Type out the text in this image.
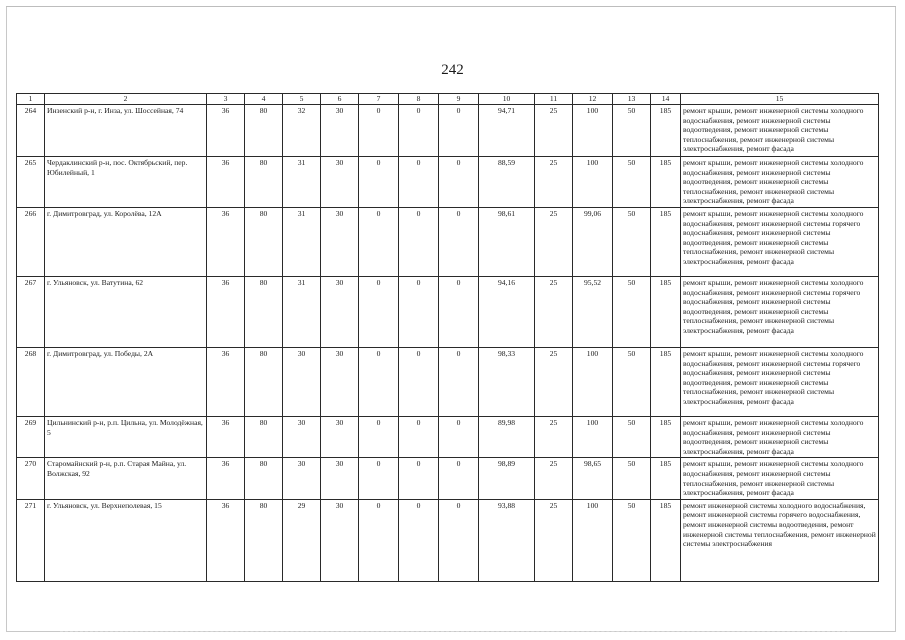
242
1	2	3	4	5	6	7	8	9	10	11	12	13	14	15
264	Инзенский р-н, г. Инза, ул. Шоссейная, 74	36	80	32	30	0	0	0	94,71	25	100	50	185	ремонт крыши, ремонт инженерной системы холодного водоснабжения, ремонт инженерной системы водоотведения, ремонт инженерной системы теплоснабжения, ремонт инженерной системы электроснабжения, ремонт фасада
265	Чердаклинский р-н, пос. Октябрьский, пер. Юбилейный, 1	36	80	31	30	0	0	0	88,59	25	100	50	185	ремонт крыши, ремонт инженерной системы холодного водоснабжения, ремонт инженерной системы водоотведения, ремонт инженерной системы теплоснабжения, ремонт инженерной системы электроснабжения, ремонт фасада
266	г. Димитровград, ул. Королёва, 12А	36	80	31	30	0	0	0	98,61	25	99,06	50	185	ремонт крыши, ремонт инженерной системы холодного водоснабжения, ремонт инженерной системы горячего водоснабжения, ремонт инженерной системы водоотведения, ремонт инженерной системы теплоснабжения, ремонт инженерной системы электроснабжения, ремонт фасада
267	г. Ульяновск, ул. Ватутина, 62	36	80	31	30	0	0	0	94,16	25	95,52	50	185	ремонт крыши, ремонт инженерной системы холодного водоснабжения, ремонт инженерной системы горячего водоснабжения, ремонт инженерной системы водоотведения, ремонт инженерной системы теплоснабжения, ремонт инженерной системы электроснабжения, ремонт фасада
268	г. Димитровград, ул. Победы, 2А	36	80	30	30	0	0	0	98,33	25	100	50	185	ремонт крыши, ремонт инженерной системы холодного водоснабжения, ремонт инженерной системы горячего водоснабжения, ремонт инженерной системы водоотведения, ремонт инженерной системы теплоснабжения, ремонт инженерной системы электроснабжения, ремонт фасада
269	Цильнинский р-н, р.п. Цильна, ул. Молодёжная, 5	36	80	30	30	0	0	0	89,98	25	100	50	185	ремонт крыши, ремонт инженерной системы холодного водоснабжения, ремонт инженерной системы водоотведения, ремонт инженерной системы электроснабжения, ремонт фасада
270	Старомайнский р-н, р.п. Старая Майна, ул. Волжская, 92	36	80	30	30	0	0	0	98,89	25	98,65	50	185	ремонт крыши, ремонт инженерной системы холодного водоснабжения, ремонт инженерной системы теплоснабжения, ремонт инженерной системы электроснабжения, ремонт фасада
271	г. Ульяновск, ул. Верхнеполевая, 15	36	80	29	30	0	0	0	93,88	25	100	50	185	ремонт инженерной системы холодного водоснабжения, ремонт инженерной системы горячего водоснабжения, ремонт инженерной системы водоотведения, ремонт инженерной системы теплоснабжения, ремонт инженерной системы электроснабжения
